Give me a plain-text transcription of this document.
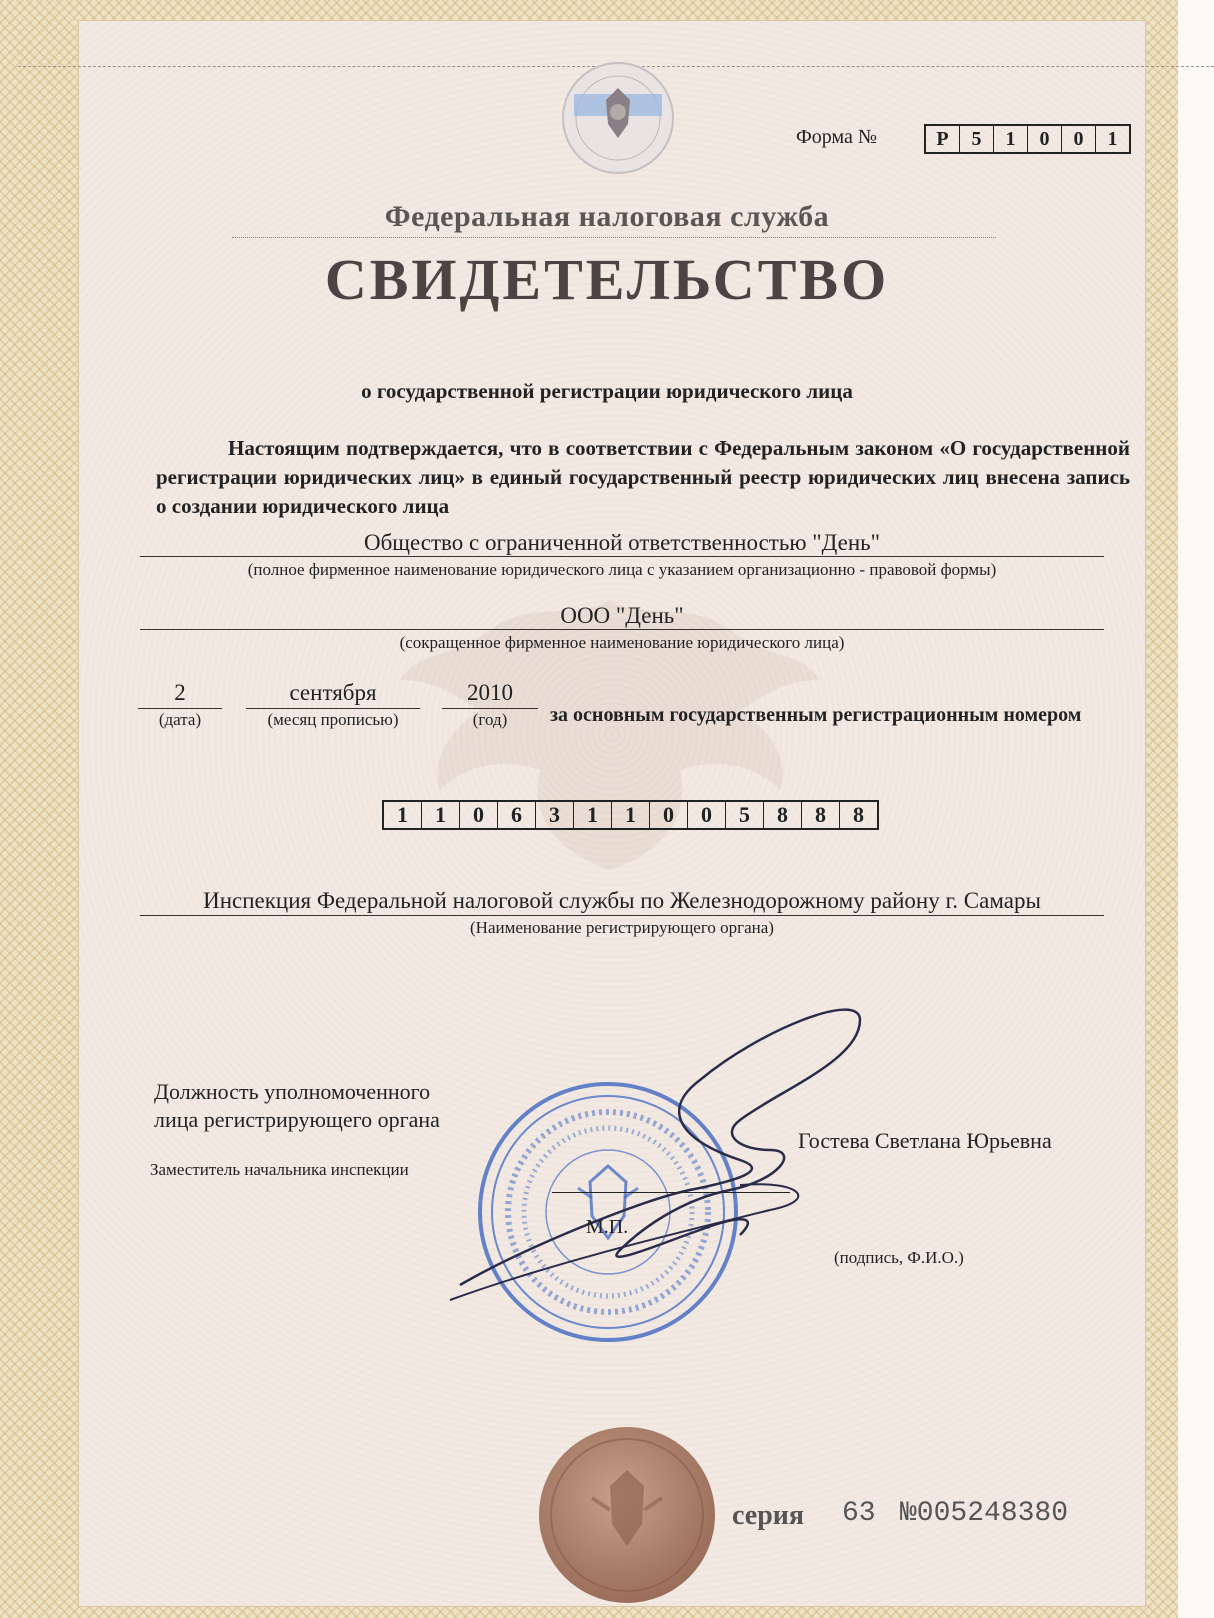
Форма №	Р	5	1	0	0	1
Федеральная налоговая служба
СВИДЕТЕЛЬСТВО
о государственной регистрации юридического лица
Настоящим подтверждается, что в соответствии с Федеральным законом «О государственной регистрации юридических лиц» в единый государственный реестр юридических лиц внесена запись о создании юридического лица
Общество с ограниченной ответственностью "День"
(полное фирменное наименование юридического лица с указанием организационно - правовой формы)
ООО "День"
(сокращенное фирменное наименование юридического лица)
2
(дата)
сентября
(месяц прописью)
2010
(год)	за основным государственным регистрационным номером
1	1	0	6	3	1	1	0	0	5	8	8	8
Инспекция Федеральной налоговой службы по Железнодорожному району г. Самары
(Наименование регистрирующего органа)
Должность уполномоченного
лица регистрирующего органа
Заместитель начальника инспекции
Гостева Светлана Юрьевна
М.П.
(подпись, Ф.И.О.)
серия 63 №005248380
